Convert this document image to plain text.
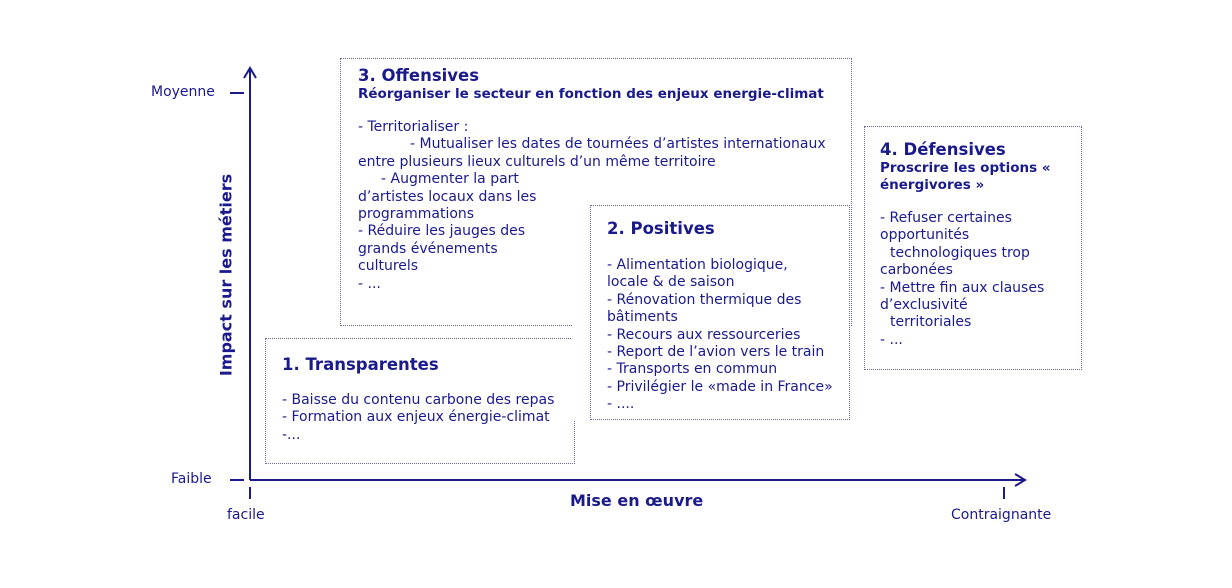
Moyenne
Faible
facile	Contraignante
Impact sur les métiers
Mise en œuvre
3. Offensives
Réorganiser le secteur en fonction des enjeux energie-climat
- Territorialiser :
- Mutualiser les dates de tournées d’artistes internationaux
entre plusieurs lieux culturels d’un même territoire
- Augmenter la part
d’artistes locaux dans les
programmations
- Réduire les jauges des
grands événements
culturels
- ...
2. Positives
- Alimentation biologique,
locale & de saison
- Rénovation thermique des
bâtiments
- Recours aux ressourceries
- Report de l’avion vers le train
- Transports en commun
- Privilégier le «made in France»
- ....
1. Transparentes
- Baisse du contenu carbone des repas
- Formation aux enjeux énergie-climat
-...
4. Défensives
Proscrire les options «
énergivores »
- Refuser certaines
opportunités
technologiques trop
carbonées
- Mettre fin aux clauses
d’exclusivité
territoriales
- ...
